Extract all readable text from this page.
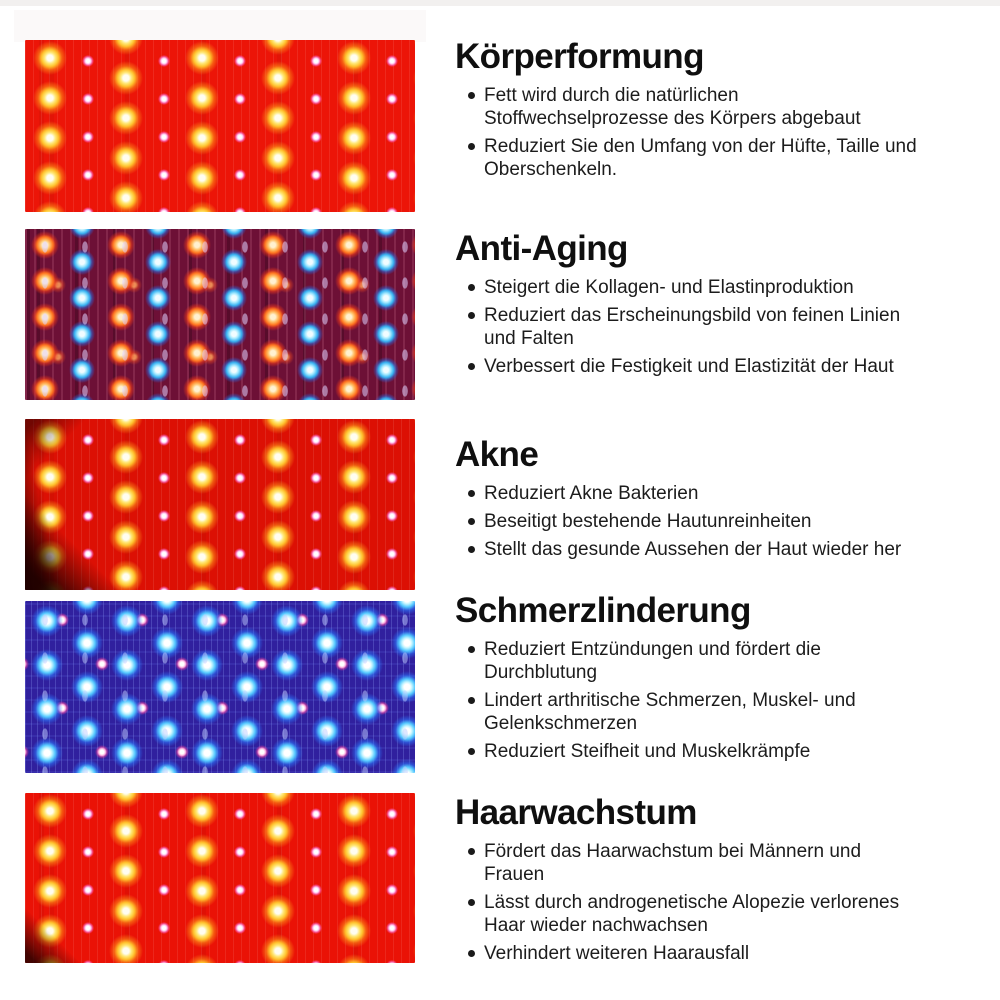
Körperformung
Fett wird durch die natürlichen Stoffwechselprozesse des Körpers abgebaut
Reduziert Sie den Umfang von der Hüfte, Taille und Oberschenkeln.
Anti-Aging
Steigert die Kollagen- und Elastinproduktion
Reduziert das Erscheinungsbild von feinen Linien und Falten
Verbessert die Festigkeit und Elastizität der Haut
Akne
Reduziert Akne Bakterien
Beseitigt bestehende Hautunreinheiten
Stellt das gesunde Aussehen der Haut wieder her
Schmerzlinderung
Reduziert Entzündungen und fördert die Durchblutung
Lindert arthritische Schmerzen, Muskel- und Gelenkschmerzen
Reduziert Steifheit und Muskelkrämpfe
Haarwachstum
Fördert das Haarwachstum bei Männern und Frauen
Lässt durch androgenetische Alopezie verlorenes Haar wieder nachwachsen
Verhindert weiteren Haarausfall
